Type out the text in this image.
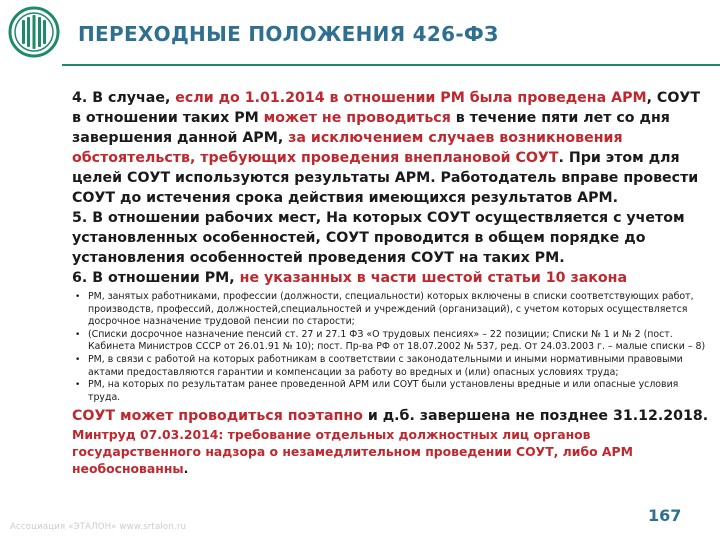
ПЕРЕХОДНЫЕ ПОЛОЖЕНИЯ 426-ФЗ

4. В случае, если до 1.01.2014 в отношении РМ была проведена АРМ, СОУТ в отношении таких РМ может не проводиться в течение пяти лет со дня завершения данной АРМ, за исключением случаев возникновения обстоятельств, требующих проведения внеплановой СОУТ. При этом для целей СОУТ используются результаты АРМ. Работодатель вправе провести СОУТ до истечения срока действия имеющихся результатов АРМ.

5. В отношении рабочих мест, На которых СОУТ осуществляется с учетом установленных особенностей, СОУТ проводится в общем порядке до установления особенностей проведения СОУТ на таких РМ.

6. В отношении РМ, не указанных в части шестой статьи 10 закона

• РМ, занятых работниками, профессии (должности, специальности) которых включены в списки соответствующих работ, производств, профессий, должностей,специальностей и учреждений (организаций), с учетом которых осуществляется досрочное назначение трудовой пенсии по старости;
• (Списки досрочное назначение пенсий ст. 27 и 27.1 ФЗ «О трудовых пенсиях» – 22 позиции; Списки № 1 и № 2 (пост. Кабинета Министров СССР от 26.01.91 № 10); пост. Пр-ва РФ от 18.07.2002 № 537, ред. От 24.03.2003 г. – малые списки – 8)
• РМ, в связи с работой на которых работникам в соответствии с законодательными и иными нормативными правовыми актами предоставляются гарантии и компенсации за работу во вредных и (или) опасных условиях труда;
• РМ, на которых по результатам ранее проведенной АРМ или СОУТ были установлены вредные и или опасные условия труда.

СОУТ может проводиться поэтапно и д.б. завершена не позднее 31.12.2018.

Минтруд 07.03.2014: требование отдельных должностных лиц органов государственного надзора о незамедлительном проведении СОУТ, либо АРМ необоснованны.

167
Ассоциация «ЭТАЛОН» www.srtalon.ru
